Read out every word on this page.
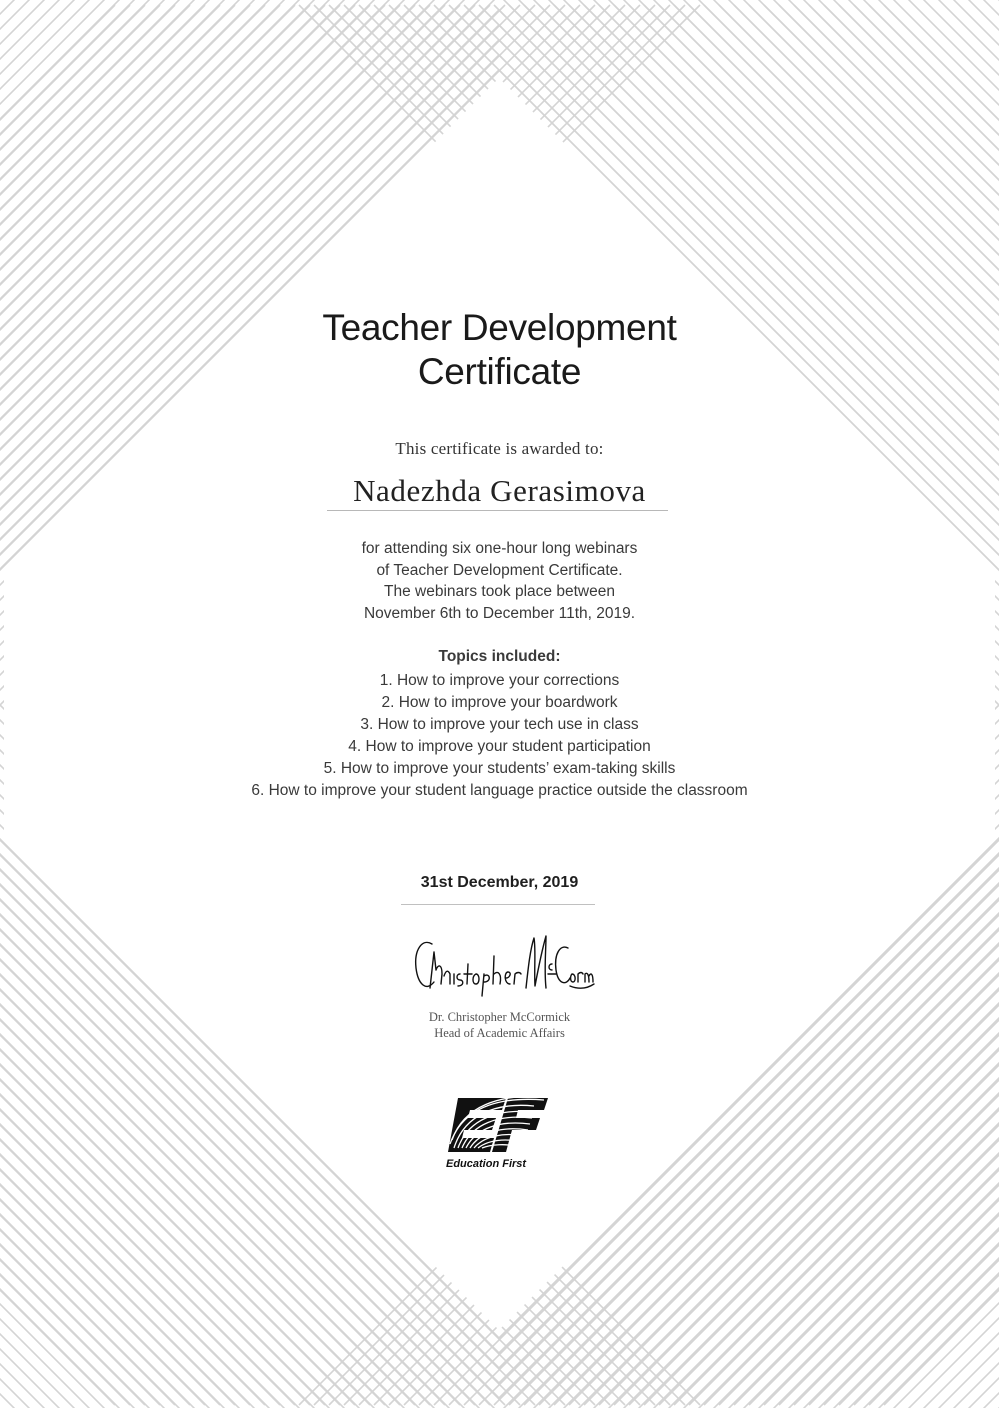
Teacher Development
Certificate
This certificate is awarded to:
Nadezhda Gerasimova
for attending six one-hour long webinars
of Teacher Development Certificate.
The webinars took place between
November 6th to December 11th, 2019.
Topics included:
1. How to improve your corrections
2. How to improve your boardwork
3. How to improve your tech use in class
4. How to improve your student participation
5. How to improve your students’ exam-taking skills
6. How to improve your student language practice outside the classroom
31st December, 2019
Dr. Christopher McCormick
Head of Academic Affairs
Education First
